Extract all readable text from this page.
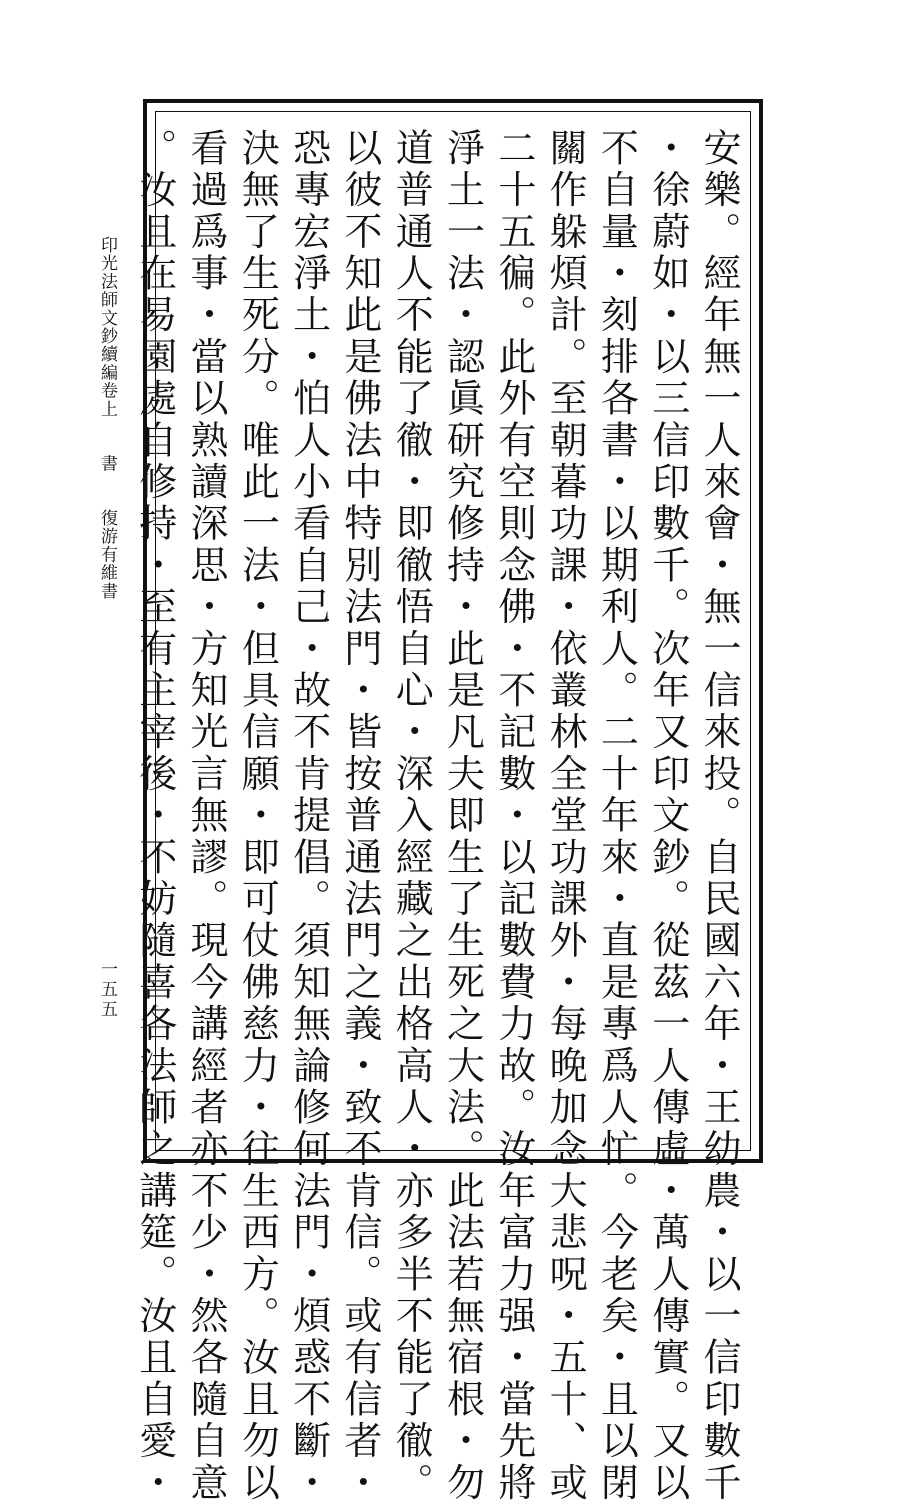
印光法師文鈔續編卷上　　書　　復游有維書	安樂。經年無一人來會・無一信來投。自民國六年・王幼農・以一信印數千
・徐蔚如・以三信印數千。次年又印文鈔。從茲一人傳虛・萬人傳實。又以
不自量・刻排各書・以期利人。二十年來・直是專爲人忙。今老矣・且以閉
關作躲煩計。至朝暮功課・依叢林全堂功課外・每晚加念大悲呪・五十、或
二十五徧。此外有空則念佛・不記數・以記數費力故。汝年富力强・當先將
淨土一法・認眞研究修持・此是凡夫即生了生死之大法。此法若無宿根・勿
道普通人不能了徹・即徹悟自心・深入經藏之出格高人・亦多半不能了徹。
以彼不知此是佛法中特別法門・皆按普通法門之義・致不肯信。或有信者・
恐專宏淨土・怕人小看自己・故不肯提倡。須知無論修何法門・煩惑不斷・
決無了生死分。唯此一法・但具信願・即可仗佛慈力・往生西方。汝且勿以
看過爲事・當以熟讀深思・方知光言無謬。現今講經者亦不少・然各隨自意
。汝且在易園處自修持・至有主宰後・不妨隨喜各法師之講筵。汝且自愛・
一五五
